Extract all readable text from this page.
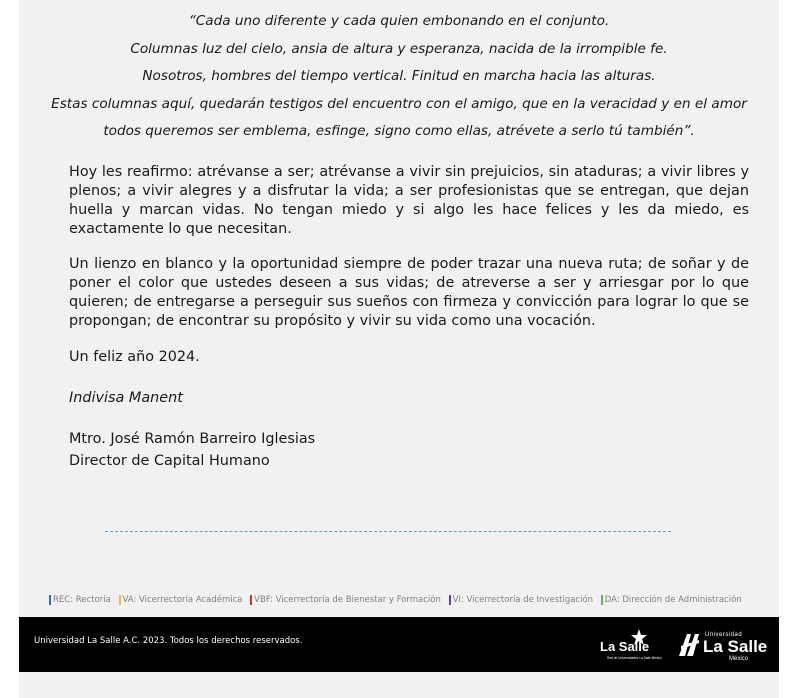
“Cada uno diferente y cada quien embonando en el conjunto.
Columnas luz del cielo, ansia de altura y esperanza, nacida de la irrompible fe.
Nosotros, hombres del tiempo vertical. Finitud en marcha hacia las alturas.
Estas columnas aquí, quedarán testigos del encuentro con el amigo, que en la veracidad y en el amor
todos queremos ser emblema, esfinge, signo como ellas, atrévete a serlo tú también”.

Hoy les reafirmo: atrévanse a ser; atrévanse a vivir sin prejuicios, sin ataduras; a vivir libres y plenos; a vivir alegres y a disfrutar la vida; a ser profesionistas que se entregan, que dejan huella y marcan vidas. No tengan miedo y si algo les hace felices y les da miedo, es exactamente lo que necesitan.

Un lienzo en blanco y la oportunidad siempre de poder trazar una nueva ruta; de soñar y de poner el color que ustedes deseen a sus vidas; de atreverse a ser y arriesgar por lo que quieren; de entregarse a perseguir sus sueños con firmeza y convicción para lograr lo que se propongan; de encontrar su propósito y vivir su vida como una vocación.

Un feliz año 2024.
Indivisa Manent
Mtro. José Ramón Barreiro Iglesias
Director de Capital Humano
REC: Rectoría VA: Vicerrectoría Académica VBF: Vicerrectoría de Bienestar y Formación VI: Vicerrectoría de Investigación DA: Dirección de Administración
Universidad La Salle A.C. 2023. Todos los derechos reservados.	La Salle
Red de Universidades La Salle México
Universidad
La Salle
México
